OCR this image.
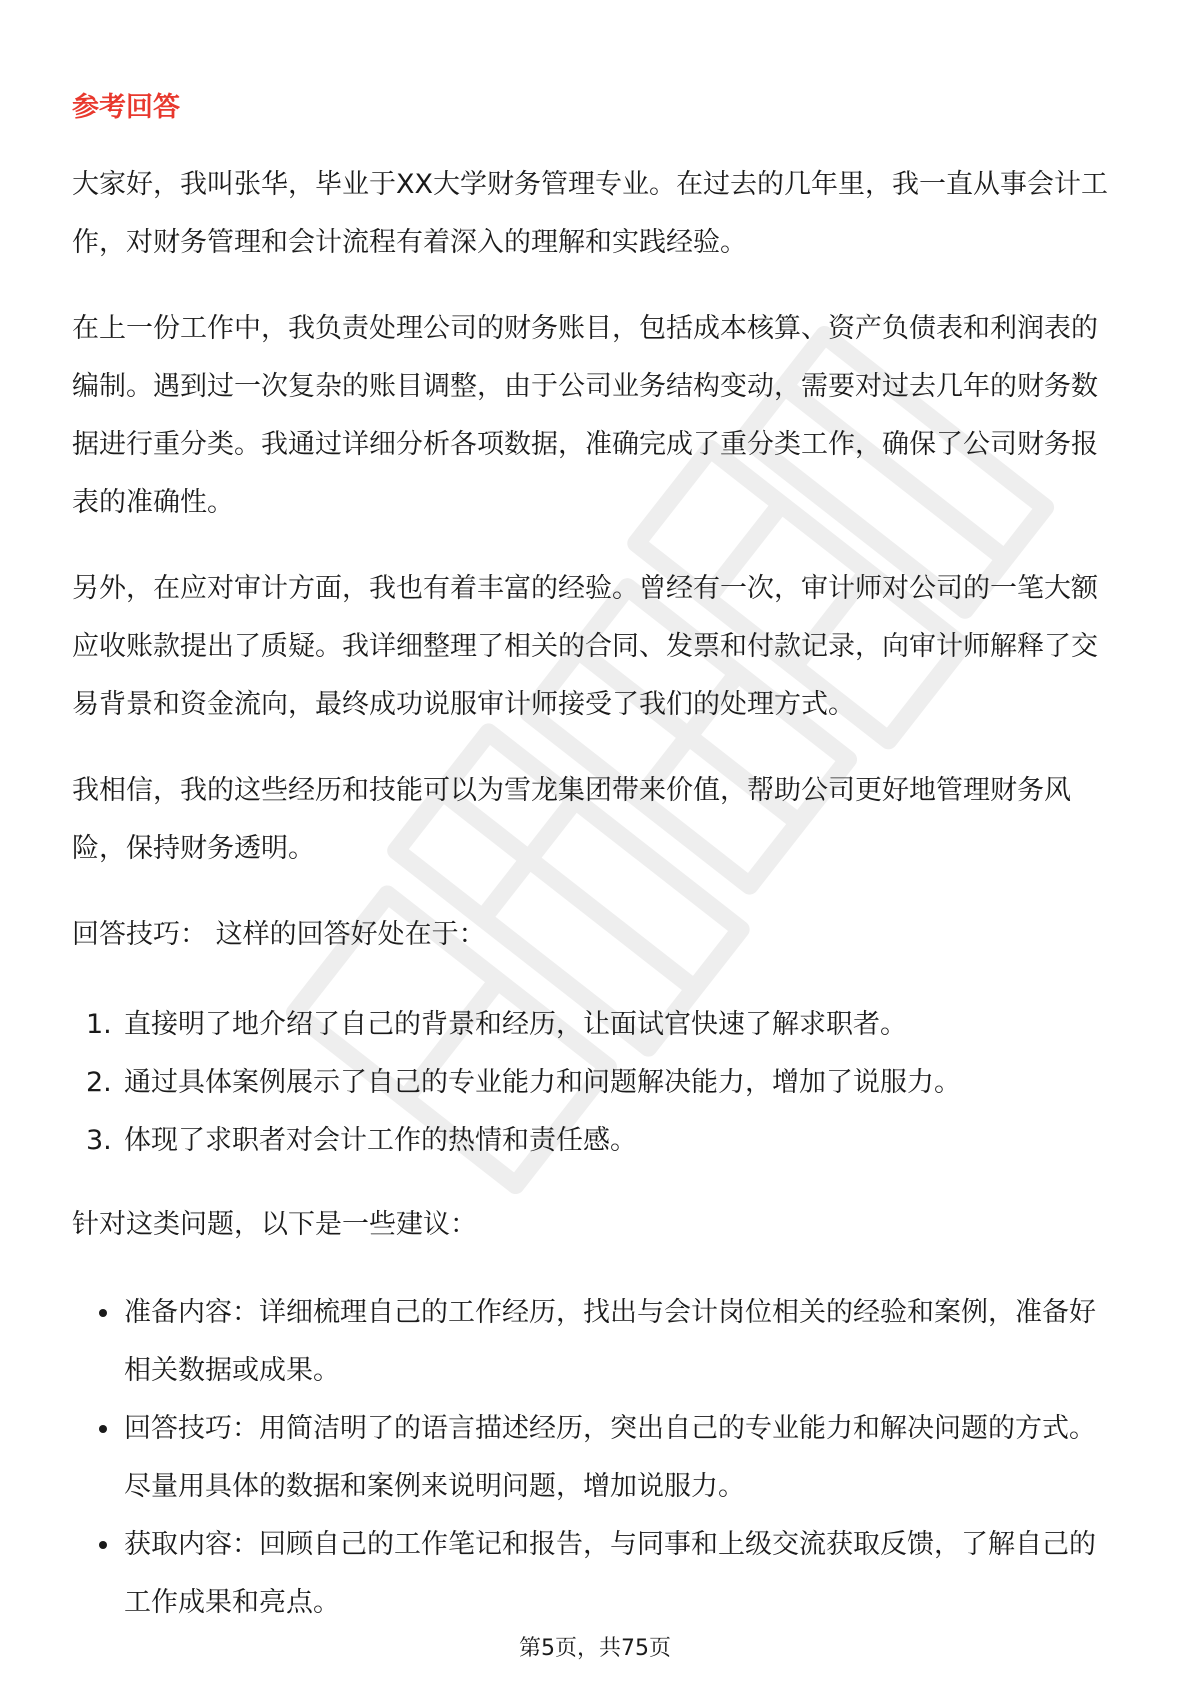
参考回答

大家好，我叫张华，毕业于XX大学财务管理专业。在过去的几年里，我一直从事会计工作，对财务管理和会计流程有着深入的理解和实践经验。

在上一份工作中，我负责处理公司的财务账目，包括成本核算、资产负债表和利润表的编制。遇到过一次复杂的账目调整，由于公司业务结构变动，需要对过去几年的财务数据进行重分类。我通过详细分析各项数据，准确完成了重分类工作，确保了公司财务报表的准确性。

另外，在应对审计方面，我也有着丰富的经验。曾经有一次，审计师对公司的一笔大额应收账款提出了质疑。我详细整理了相关的合同、发票和付款记录，向审计师解释了交易背景和资金流向，最终成功说服审计师接受了我们的处理方式。

我相信，我的这些经历和技能可以为雪龙集团带来价值，帮助公司更好地管理财务风险，保持财务透明。

回答技巧： 这样的回答好处在于：

1. 直接明了地介绍了自己的背景和经历，让面试官快速了解求职者。
2. 通过具体案例展示了自己的专业能力和问题解决能力，增加了说服力。
3. 体现了求职者对会计工作的热情和责任感。

针对这类问题，以下是一些建议：

准备内容：详细梳理自己的工作经历，找出与会计岗位相关的经验和案例，准备好相关数据或成果。
回答技巧：用简洁明了的语言描述经历，突出自己的专业能力和解决问题的方式。尽量用具体的数据和案例来说明问题，增加说服力。
获取内容：回顾自己的工作笔记和报告，与同事和上级交流获取反馈，了解自己的工作成果和亮点。
第5页，共75页
